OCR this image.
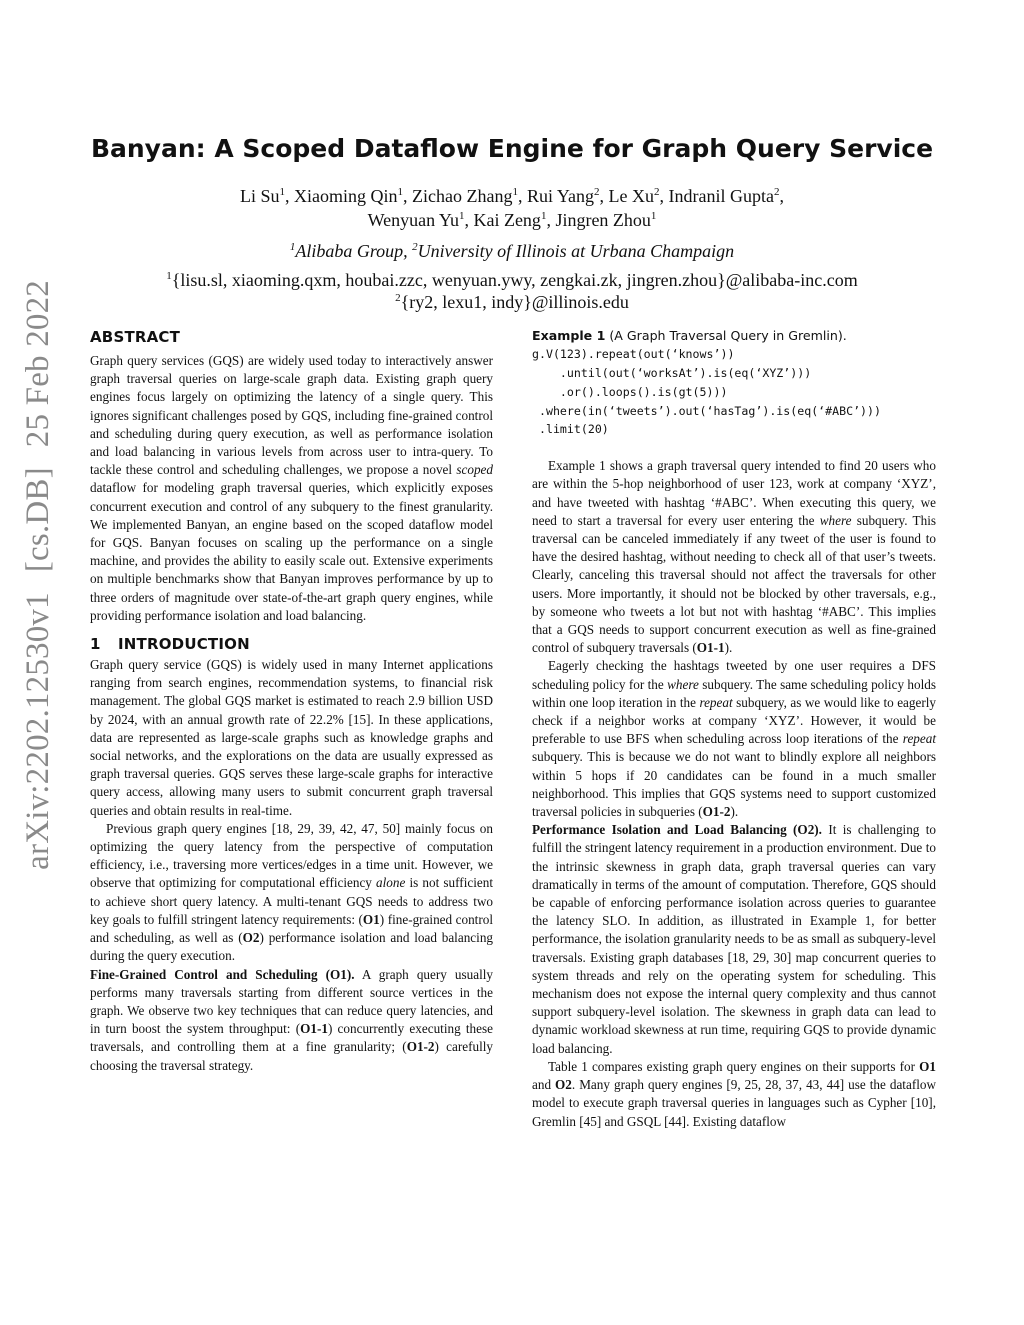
arXiv:2202.12530v1[cs.DB]25 Feb 2022
Banyan: A Scoped Dataflow Engine for Graph Query Service
Li Su$^1$, Xiaoming Qin$^1$, Zichao Zhang$^1$, Rui Yang$^2$, Le Xu$^2$, Indranil Gupta$^2$,
Wenyuan Yu$^1$, Kai Zeng$^1$, Jingren Zhou$^1$
$^1$Alibaba Group, $^2$University of Illinois at Urbana Champaign
$^1${lisu.sl, xiaoming.qxm, houbai.zzc, wenyuan.ywy, zengkai.zk, jingren.zhou}@alibaba-inc.com
$^2${ry2, lexu1, indy}@illinois.edu
ABSTRACT

Graph query services (GQS) are widely used today to interactively answer graph traversal queries on large-scale graph data. Existing graph query engines focus largely on optimizing the latency of a single query. This ignores significant challenges posed by GQS, including fine-grained control and scheduling during query execution, as well as performance isolation and load balancing in various levels from across user to intra-query. To tackle these control and scheduling challenges, we propose a novel scoped dataflow for modeling graph traversal queries, which explicitly exposes concurrent execution and control of any subquery to the finest granularity. We implemented Banyan, an engine based on the scoped dataflow model for GQS. Banyan focuses on scaling up the performance on a single machine, and provides the ability to easily scale out. Extensive experiments on multiple benchmarks show that Banyan improves performance by up to three orders of magnitude over state-of-the-art graph query engines, while providing performance isolation and load balancing.

1 INTRODUCTION

Graph query service (GQS) is widely used in many Internet applications ranging from search engines, recommendation systems, to financial risk management. The global GQS market is estimated to reach 2.9 billion USD by 2024, with an annual growth rate of 22.2% [15]. In these applications, data are represented as large-scale graphs such as knowledge graphs and social networks, and the explorations on the data are usually expressed as graph traversal queries. GQS serves these large-scale graphs for interactive query access, allowing many users to submit concurrent graph traversal queries and obtain results in real-time.

Previous graph query engines [18, 29, 39, 42, 47, 50] mainly focus on optimizing the query latency from the perspective of computation efficiency, i.e., traversing more vertices/edges in a time unit. However, we observe that optimizing for computational efficiency alone is not sufficient to achieve short query latency. A multi-tenant GQS needs to address two key goals to fulfill stringent latency requirements: (O1) fine-grained control and scheduling, as well as (O2) performance isolation and load balancing during the query execution.

Fine-Grained Control and Scheduling (O1). A graph query usually performs many traversals starting from different source vertices in the graph. We observe two key techniques that can reduce query latencies, and in turn boost the system throughput: (O1-1) concurrently executing these traversals, and controlling them at a fine granularity; (O1-2) carefully choosing the traversal strategy.

Example 1 (A Graph Traversal Query in Gremlin).
g.V(123).repeat(out(‘knows’))
.until(out(‘worksAt’).is(eq(‘XYZ’)))
.or().loops().is(gt(5)))
.where(in(‘tweets’).out(‘hasTag’).is(eq(‘#ABC’)))
.limit(20)

Example 1 shows a graph traversal query intended to find 20 users who are within the 5-hop neighborhood of user 123, work at company ‘XYZ’, and have tweeted with hashtag ‘#ABC’. When executing this query, we need to start a traversal for every user entering the where subquery. This traversal can be canceled immediately if any tweet of the user is found to have the desired hashtag, without needing to check all of that user’s tweets. Clearly, canceling this traversal should not affect the traversals for other users. More importantly, it should not be blocked by other traversals, e.g., by someone who tweets a lot but not with hashtag ‘#ABC’. This implies that a GQS needs to support concurrent execution as well as fine-grained control of subquery traversals (O1-1).

Eagerly checking the hashtags tweeted by one user requires a DFS scheduling policy for the where subquery. The same scheduling policy holds within one loop iteration in the repeat subquery, as we would like to eagerly check if a neighbor works at company ‘XYZ’. However, it would be preferable to use BFS when scheduling across loop iterations of the repeat subquery. This is because we do not want to blindly explore all neighbors within 5 hops if 20 candidates can be found in a much smaller neighborhood. This implies that GQS systems need to support customized traversal policies in subqueries (O1-2).

Performance Isolation and Load Balancing (O2). It is challenging to fulfill the stringent latency requirement in a production environment. Due to the intrinsic skewness in graph data, graph traversal queries can vary dramatically in terms of the amount of computation. Therefore, GQS should be capable of enforcing performance isolation across queries to guarantee the latency SLO. In addition, as illustrated in Example 1, for better performance, the isolation granularity needs to be as small as subquery-level traversals. Existing graph databases [18, 29, 30] map concurrent queries to system threads and rely on the operating system for scheduling. This mechanism does not expose the internal query complexity and thus cannot support subquery-level isolation. The skewness in graph data can lead to dynamic workload skewness at run time, requiring GQS to provide dynamic load balancing.

Table 1 compares existing graph query engines on their supports for O1 and O2. Many graph query engines [9, 25, 28, 37, 43, 44] use the dataflow model to execute graph traversal queries in languages such as Cypher [10], Gremlin [45] and GSQL [44]. Existing dataflow
